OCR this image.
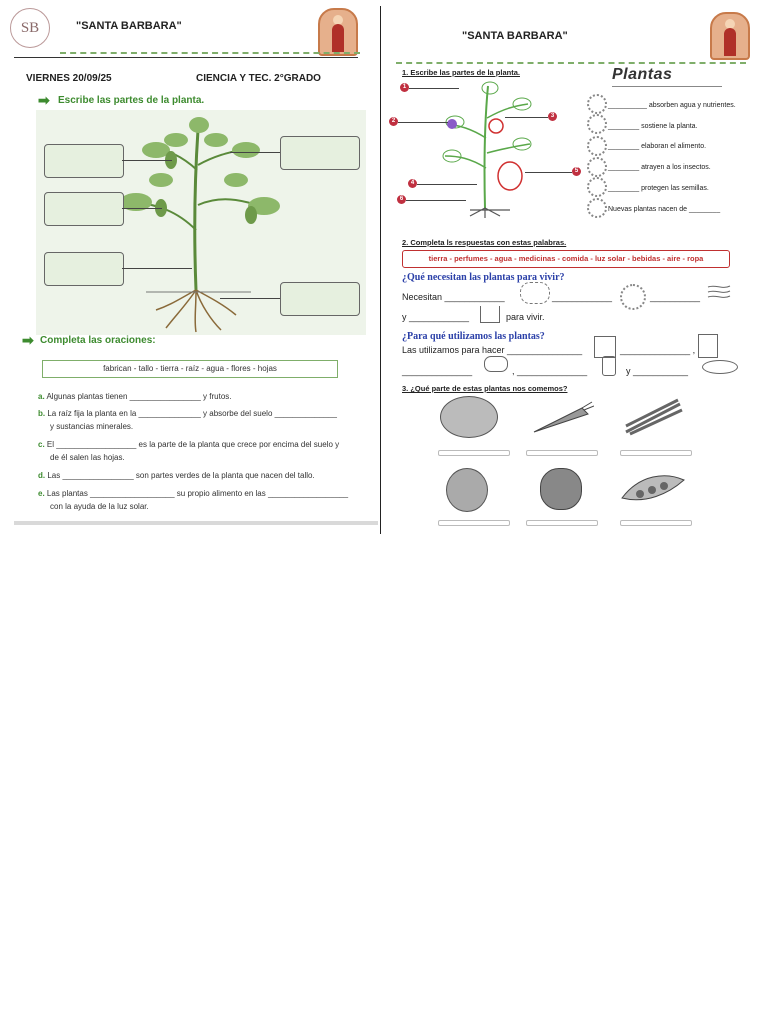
SB	"SANTA BARBARA"
VIERNES 20/09/25	CIENCIA Y TEC. 2°GRADO
➡ Escribe las partes de la planta.
➡ Completa las oraciones:
fabrican - tallo - tierra - raíz - agua - flores - hojas
a. Algunas plantas tienen ________________ y frutos.
b. La raíz fija la planta en la ______________ y absorbe del suelo ______________
y sustancias minerales.
c. El __________________ es la parte de la planta que crece por encima del suelo y
de él salen las hojas.
d. Las ________________ son partes verdes de la planta que nacen del tallo.
e. Las plantas ___________________ su propio alimento en las __________________
con la ayuda de la luz solar.
"SANTA BARBARA"
1. Escribe las partes de la planta.	Plantas
1
2
3
4
5
6
__________ absorben agua y nutrientes.
________ sostiene la planta.
________ elaboran el alimento.
________ atrayen a los insectos.
________ protegen las semillas.
Nuevas plantas nacen de ________
2. Completa ls respuestas con estas palabras.
tierra - perfumes - agua - medicinas - comida - luz solar - bebidas - aire - ropa
¿Qué necesitan las plantas para vivir?
Necesitan ____________	____________	__________
y ____________	para vivir.
¿Para qué utilizamos las plantas?
Las utilizamos para hacer _______________	______________ ,
______________	, ______________	y ___________
3. ¿Qué parte de estas plantas nos comemos?
